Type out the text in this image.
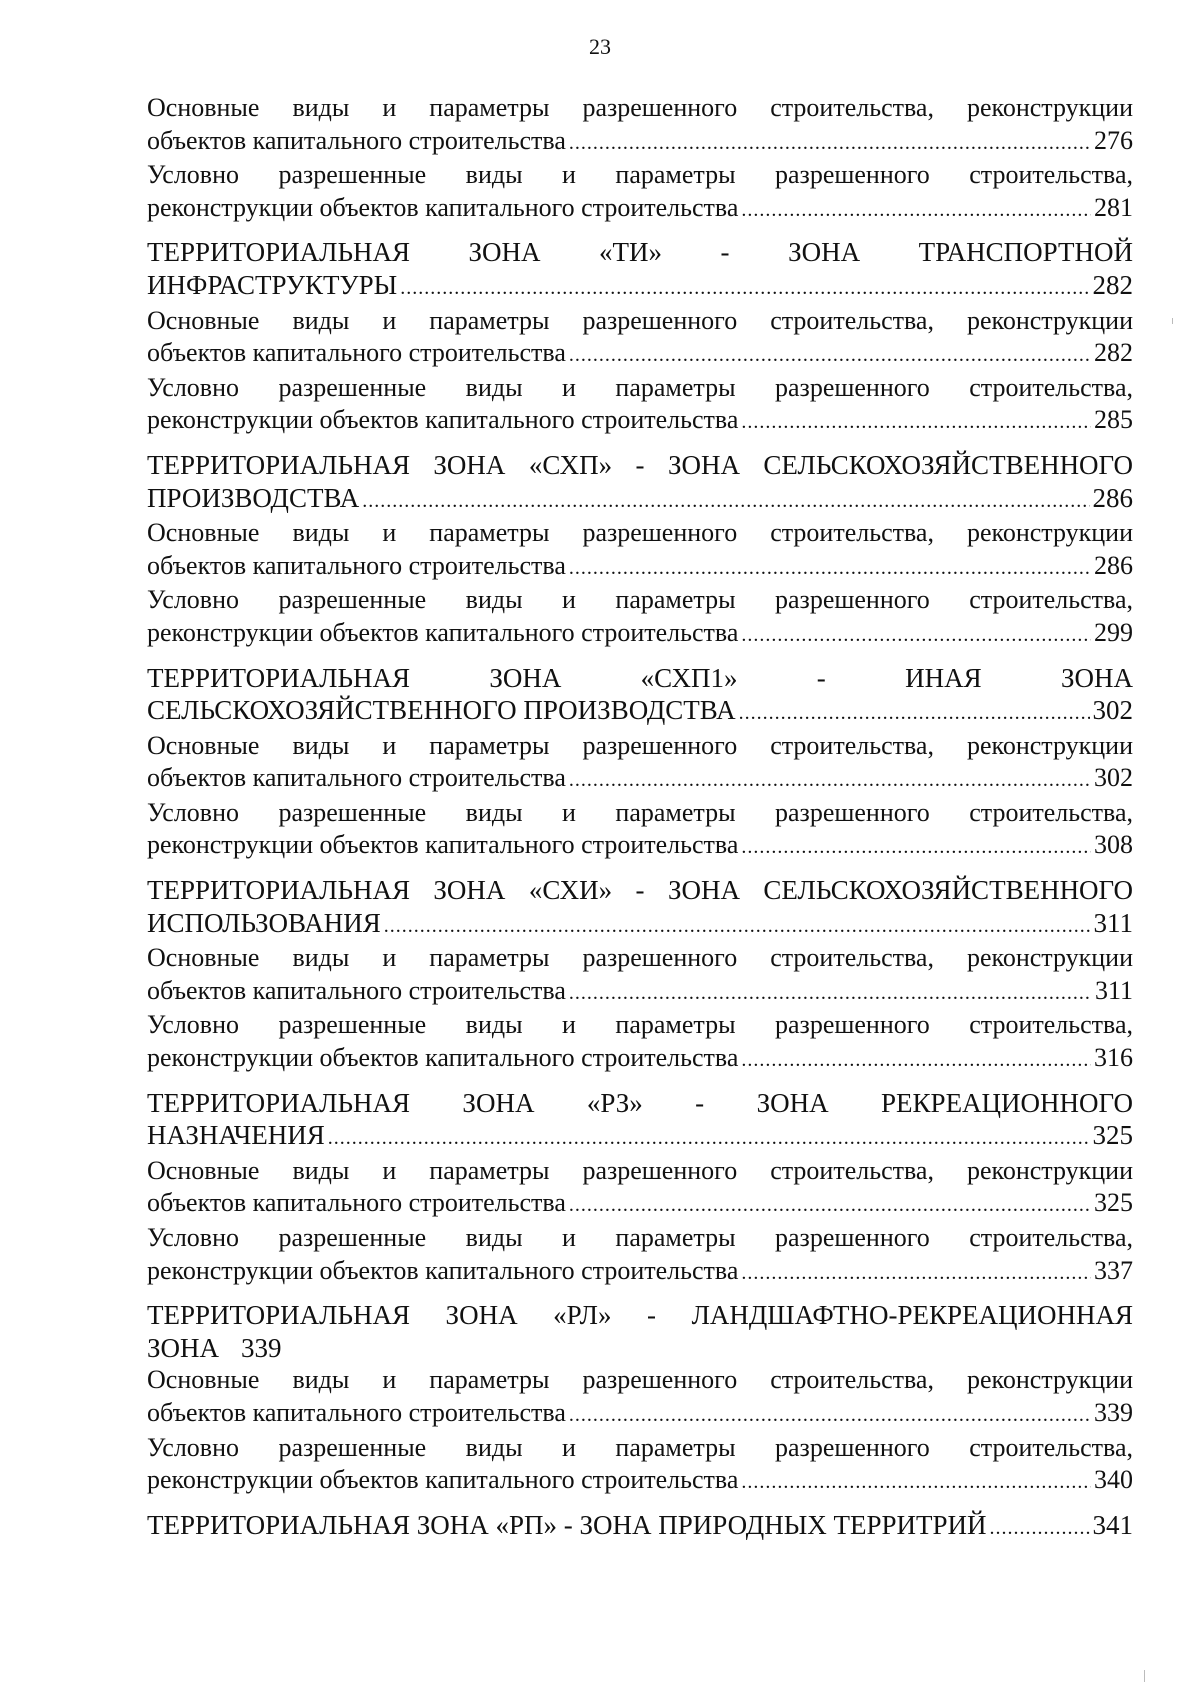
23
Основные виды и параметры разрешенного строительства, реконструкции
объектов капитального строительства .....	276
Условно разрешенные виды и параметры разрешенного строительства,
реконструкции объектов капитального строительства .....	281
ТЕРРИТОРИАЛЬНАЯ ЗОНА «ТИ» - ЗОНА ТРАНСПОРТНОЙ
ИНФРАСТРУКТУРЫ .....	282
Основные виды и параметры разрешенного строительства, реконструкции
объектов капитального строительства .....	282
Условно разрешенные виды и параметры разрешенного строительства,
реконструкции объектов капитального строительства .....	285
ТЕРРИТОРИАЛЬНАЯ ЗОНА «СХП» - ЗОНА СЕЛЬСКОХОЗЯЙСТВЕННОГО
ПРОИЗВОДСТВА .....	286
Основные виды и параметры разрешенного строительства, реконструкции
объектов капитального строительства .....	286
Условно разрешенные виды и параметры разрешенного строительства,
реконструкции объектов капитального строительства .....	299
ТЕРРИТОРИАЛЬНАЯ ЗОНА «СХП1» - ИНАЯ ЗОНА
СЕЛЬСКОХОЗЯЙСТВЕННОГО ПРОИЗВОДСТВА .....	302
Основные виды и параметры разрешенного строительства, реконструкции
объектов капитального строительства .....	302
Условно разрешенные виды и параметры разрешенного строительства,
реконструкции объектов капитального строительства .....	308
ТЕРРИТОРИАЛЬНАЯ ЗОНА «СХИ» - ЗОНА СЕЛЬСКОХОЗЯЙСТВЕННОГО
ИСПОЛЬЗОВАНИЯ .....	311
Основные виды и параметры разрешенного строительства, реконструкции
объектов капитального строительства .....	311
Условно разрешенные виды и параметры разрешенного строительства,
реконструкции объектов капитального строительства .....	316
ТЕРРИТОРИАЛЬНАЯ ЗОНА «РЗ» - ЗОНА РЕКРЕАЦИОННОГО
НАЗНАЧЕНИЯ .....	325
Основные виды и параметры разрешенного строительства, реконструкции
объектов капитального строительства .....	325
Условно разрешенные виды и параметры разрешенного строительства,
реконструкции объектов капитального строительства .....	337
ТЕРРИТОРИАЛЬНАЯ ЗОНА «РЛ» - ЛАНДШАФТНО-РЕКРЕАЦИОННАЯ
ЗОНА 339
Основные виды и параметры разрешенного строительства, реконструкции
объектов капитального строительства .....	339
Условно разрешенные виды и параметры разрешенного строительства,
реконструкции объектов капитального строительства .....	340
ТЕРРИТОРИАЛЬНАЯ ЗОНА «РП» - ЗОНА ПРИРОДНЫХ ТЕРРИТРИЙ .....	341
